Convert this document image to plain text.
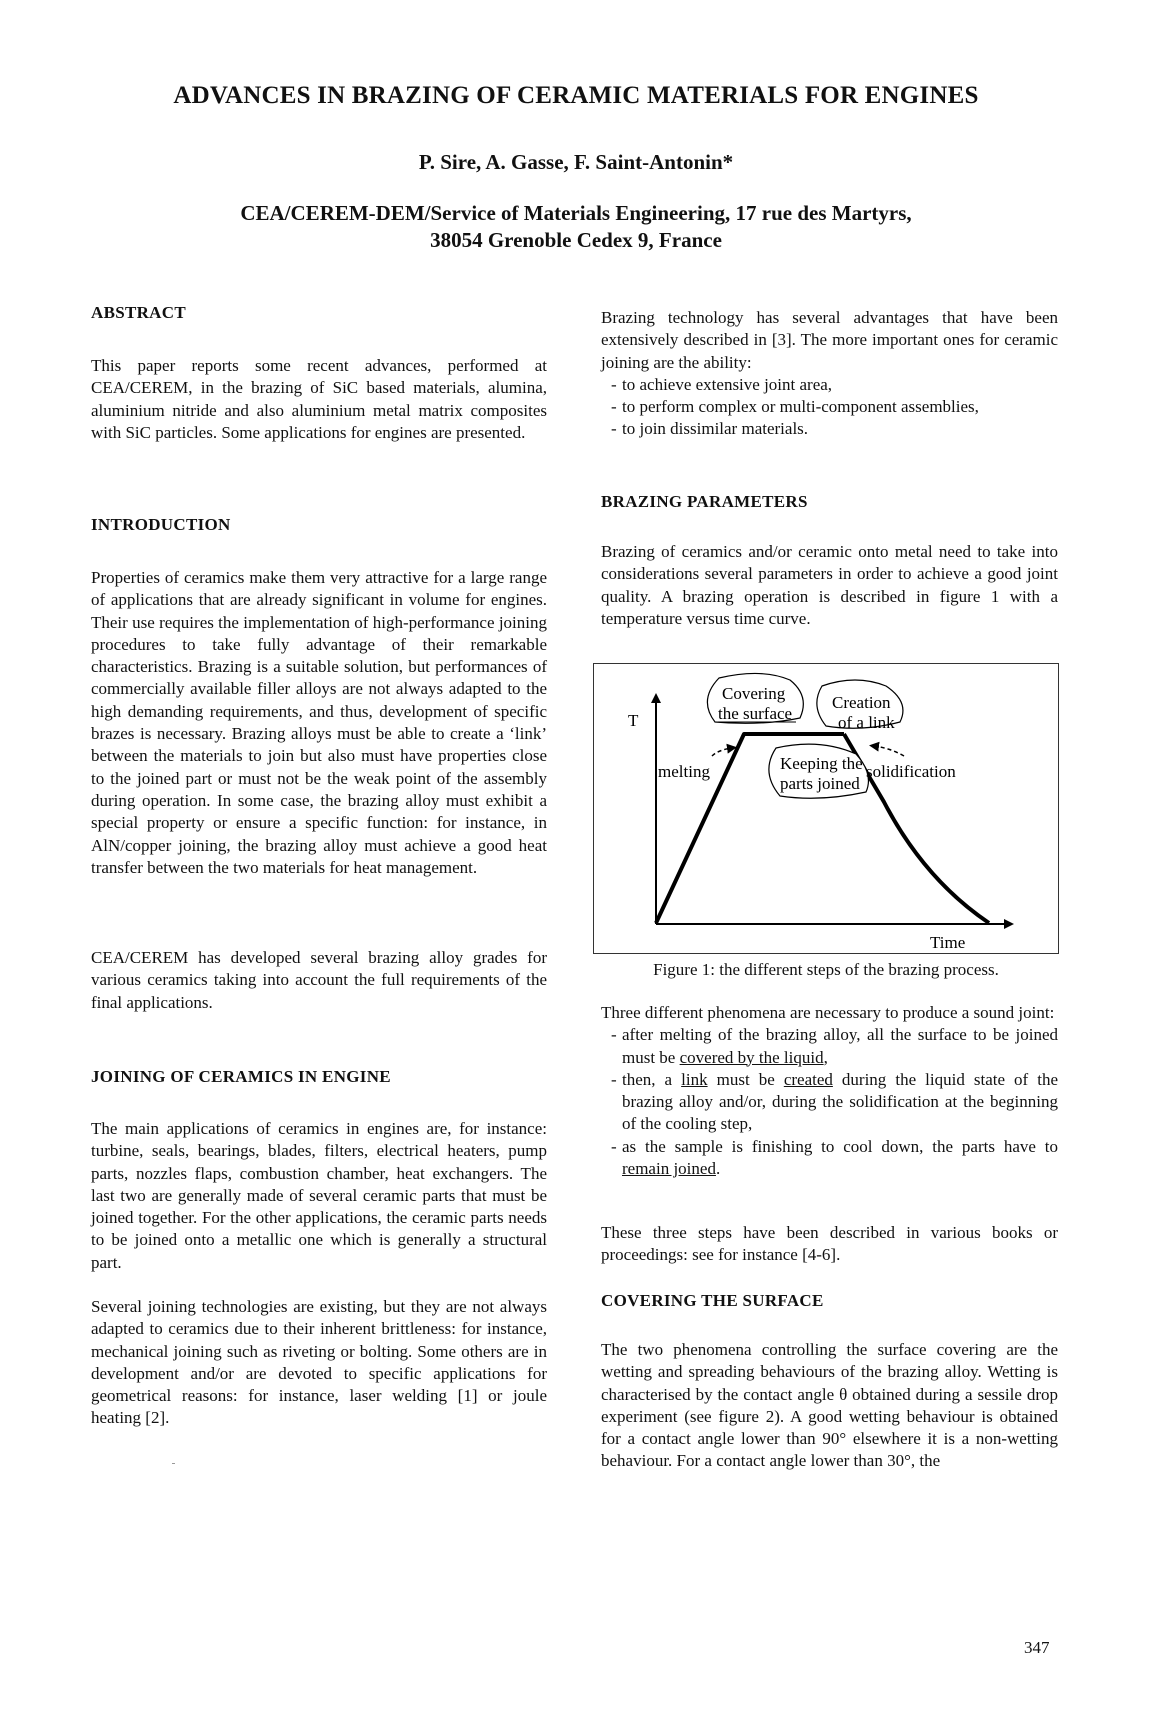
ADVANCES IN BRAZING OF CERAMIC MATERIALS FOR ENGINES
P. Sire, A. Gasse, F. Saint-Antonin*
CEA/CEREM-DEM/Service of Materials Engineering, 17 rue des Martyrs,
38054 Grenoble Cedex 9, France
ABSTRACT

This paper reports some recent advances, performed at CEA/CEREM, in the brazing of SiC based materials, alumina, aluminium nitride and also aluminium metal matrix composites with SiC particles. Some applications for engines are presented.

INTRODUCTION

Properties of ceramics make them very attractive for a large range of applications that are already significant in volume for engines. Their use requires the implementation of high-performance joining procedures to take fully advantage of their remarkable characteristics. Brazing is a suitable solution, but performances of commercially available filler alloys are not always adapted to the high demanding requirements, and thus, development of specific brazes is necessary. Brazing alloys must be able to create a ‘link’ between the materials to join but also must have properties close to the joined part or must not be the weak point of the assembly during operation. In some case, the brazing alloy must exhibit a special property or ensure a specific function: for instance, in AlN/copper joining, the brazing alloy must achieve a good heat transfer between the two materials for heat management.

CEA/CEREM has developed several brazing alloy grades for various ceramics taking into account the full requirements of the final applications.

JOINING OF CERAMICS IN ENGINE

The main applications of ceramics in engines are, for instance: turbine, seals, bearings, blades, filters, electrical heaters, pump parts, nozzles flaps, combustion chamber, heat exchangers. The last two are generally made of several ceramic parts that must be joined together. For the other applications, the ceramic parts needs to be joined onto a metallic one which is generally a structural part.

Several joining technologies are existing, but they are not always adapted to ceramics due to their inherent brittleness: for instance, mechanical joining such as riveting or bolting. Some others are in development and/or are devoted to specific applications for geometrical reasons: for instance, laser welding [1] or joule heating [2].

Brazing technology has several advantages that have been extensively described in [3]. The more important ones for ceramic joining are the ability:

- to achieve extensive joint area,
- to perform complex or multi-component assemblies,
- to join dissimilar materials.
BRAZING PARAMETERS

Brazing of ceramics and/or ceramic onto metal need to take into considerations several parameters in order to achieve a good joint quality. A brazing operation is described in figure 1 with a temperature versus time curve.

T
Time
Covering
the surface
Creation
of a link
Keeping the
parts joined
melting	solidification
Figure 1: the different steps of the brazing process.

Three different phenomena are necessary to produce a sound joint:

- after melting of the brazing alloy, all the surface to be joined must be covered by the liquid,
- then, a link must be created during the liquid state of the brazing alloy and/or, during the solidification at the beginning of the cooling step,
- as the sample is finishing to cool down, the parts have to remain joined.

These three steps have been described in various books or proceedings: see for instance [4-6].

COVERING THE SURFACE

The two phenomena controlling the surface covering are the wetting and spreading behaviours of the brazing alloy. Wetting is characterised by the contact angle θ obtained during a sessile drop experiment (see figure 2). A good wetting behaviour is obtained for a contact angle lower than 90° elsewhere it is a non-wetting behaviour. For a contact angle lower than 30°, the

347
